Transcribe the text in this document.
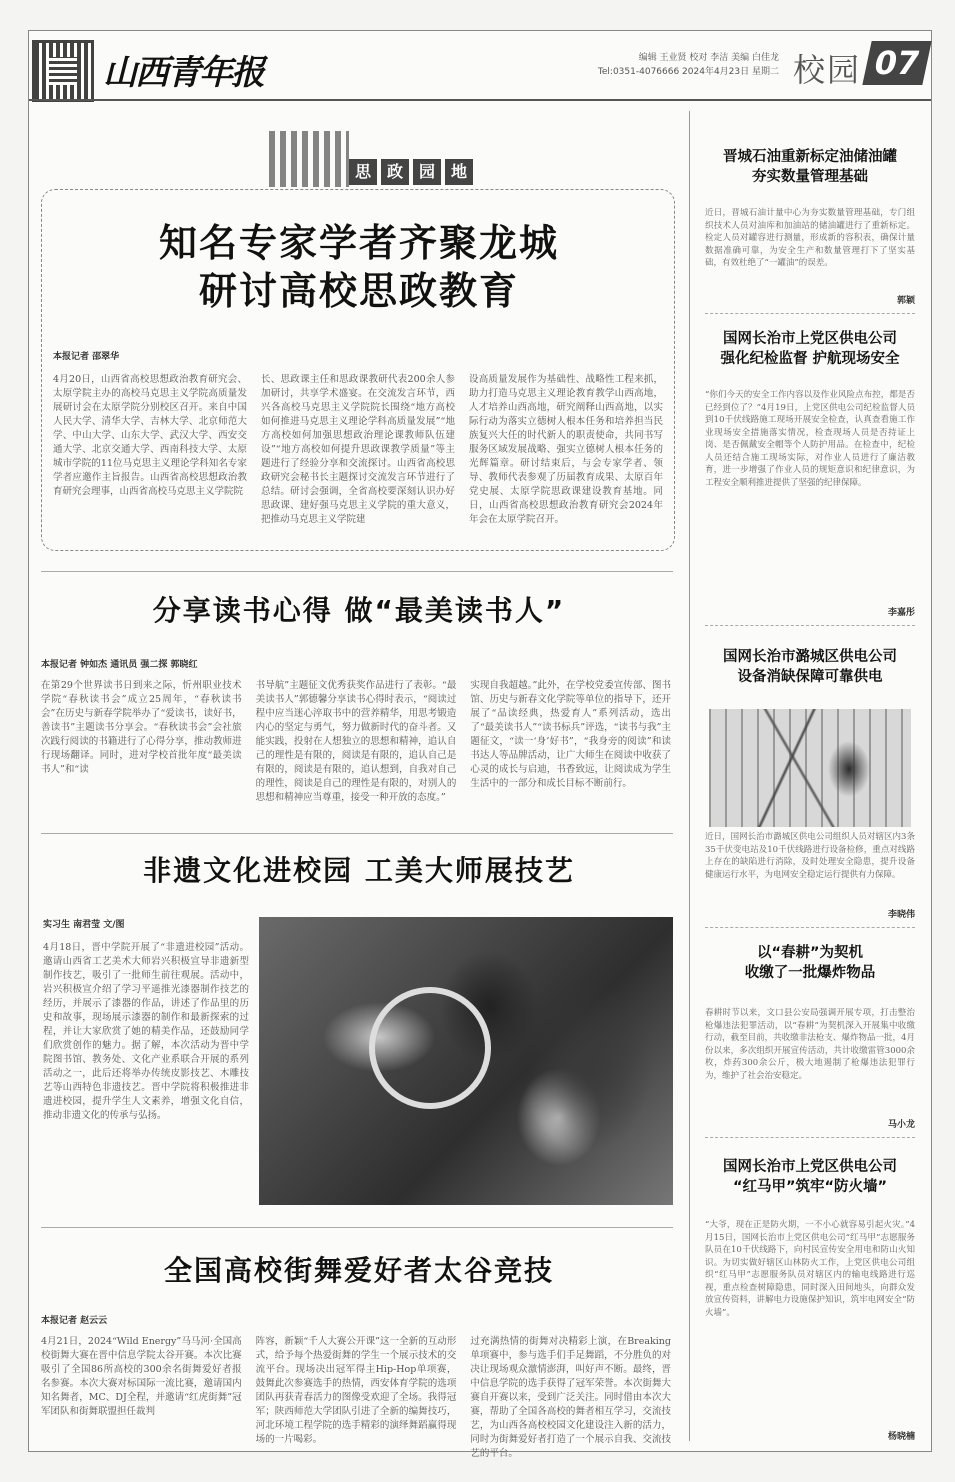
山西青年报	编辑 王业贤 校对 李洁 美编 白佳龙
Tel:0351-4076666 2024年4月23日 星期二 校园 07
思 政 园 地
知名专家学者齐聚龙城
研讨高校思政教育
本报记者 邵翠华

4月20日，山西省高校思想政治教育研究会、太原学院主办的高校马克思主义学院高质量发展研讨会在太原学院分别校区召开。来自中国人民大学、清华大学、吉林大学、北京师范大学、中山大学、山东大学、武汉大学、西安交通大学、北京交通大学、西南科技大学、太原城市学院的11位马克思主义理论学科知名专家学者应邀作主旨报告。山西省高校思想政治教育研究会理事，山西省高校马克思主义学院院

长、思政课主任和思政课教研代表200余人参加研讨，共享学术盛宴。在交流发言环节，西兴各高校马克思主义学院院长围绕“地方高校如何推进马克思主义理论学科高质量发展”“地方高校如何加强思想政治理论课教师队伍建设”“地方高校如何提升思政课教学质量”等主题进行了经验分享和交流探讨。山西省高校思政研究会秘书长主题探讨交流发言环节进行了总结。研讨会强调，全省高校要深刻认识办好思政课、建好强马克思主义学院的重大意义，把推动马克思主义学院建

设高质量发展作为基础性、战略性工程来抓，助力打造马克思主义理论教育教学山西高地，人才培养山西高地，研究阐释山西高地，以实际行动为落实立德树人根本任务和培养担当民族复兴大任的时代新人的职责使命，共同书写服务区域发展战略、强实立德树人根本任务的光辉篇章。研讨结束后，与会专家学者、领导、教师代表参观了历届教育成果、太原百年党史展、太原学院思政课建设教育基地。同日，山西省高校思想政治教育研究会2024年年会在太原学院召开。

分享读书心得 做“最美读书人”
本报记者 钟如杰 通讯员 强二探 郭晓红

在第29个世界读书日到来之际，忻州职业技术学院“春秋读书会”成立25周年，“春秋读书会”在历史与新春学院举办了“爱读书，读好书，善读书”主题读书分享会。“春秋读书会”会社旅次践行阅读的书籍进行了心得分享，推动教师进行现场翻译。同时，进对学校首批年度“最美读书人”和“读

书导航”主题征文优秀获奖作品进行了表彰。“最美读书人”郭德馨分享读书心得时表示，“阅读过程中应当迷心淬取书中的营养精华，用思考锻造内心的坚定与勇气，努力做新时代的奋斗者。又能实践，投射在人想独立的思想和精神，追认自己的理性是有限的，阅读是有限的，追认自己是有限的，阅读是有限的，追认想到，自我对自己的理性，阅读是自己的理性是有限的，对别人的思想和精神应当尊重，接受一种开放的态度。”

实现自我超越。”此外，在学校党委宣传部、图书馆、历史与新春文化学院等单位的指导下，还开展了“品读经典，热爱育人”系列活动，选出了“最美读书人”“读书标兵”评选，“读书与我”主题征文，“读一‘身’好书”，“我身旁的阅读”和读书达人等品牌活动，让广大师生在阅读中收获了心灵的成长与启迪，书香致远，让阅读成为学生生活中的一部分和成长目标不断前行。

非遗文化进校园 工美大师展技艺
实习生 南君莹 文/图

4月18日，晋中学院开展了“非遗进校园”活动。邀请山西省工艺美术大师岩兴积极宣导非遗新型制作技艺，吸引了一批师生前往观展。活动中，岩兴积极宣介绍了学习平遥推光漆器制作技艺的经历，并展示了漆器的作品，讲述了作品里的历史和故事，现场展示漆器的制作和最新探索的过程，并让大家欣赏了她的精美作品，还鼓励同学们欣赏创作的魅力。据了解，本次活动为晋中学院图书馆、教务处、文化产业系联合开展的系列活动之一，此后还将举办传统皮影技艺、木雕技艺等山西特色非遗技艺。晋中学院将积极推进非遗进校园，提升学生人文素养，增强文化自信，推动非遗文化的传承与弘扬。

全国高校街舞爱好者太谷竞技
本报记者 赵云云

4月21日，2024“Wild Energy”马马河·全国高校街舞大赛在晋中信息学院太谷开赛。本次比赛吸引了全国86所高校的300余名街舞爱好者报名参赛。本次大赛对标国际一流比赛，邀请国内知名舞者，MC、DJ全程，并邀请“红虎街舞”冠军团队和街舞联盟担任裁判

阵容，新颖“千人大赛公开课”这一全新的互动形式，给予每个热爱街舞的学生一个展示技术的交流平台。现场决出冠军得主Hip-Hop单项赛，鼓舞此次参赛选手的热情，西安体育学院的选项团队再获青春活力的图像受欢迎了全场。我得冠军；陕西师范大学团队引进了全新的编舞技巧，河北环境工程学院的选手精彩的演绎舞蹈赢得现场的一片喝彩。

过充满热情的街舞对决精彩上演，在Breaking单项赛中，参与选手们手足舞蹈，不分胜负的对决让现场观众激情澎湃，叫好声不断。最终，晋中信息学院的选手获得了冠军荣誉。本次街舞大赛自开赛以来，受到广泛关注。同时借由本次大赛，帮助了全国各高校的舞者相互学习，交流技艺，为山西各高校校园文化建设注入新的活力，同时为街舞爱好者打造了一个展示自我、交流技艺的平台。

晋城石油重新标定油储油罐
夯实数量管理基础

近日，晋城石油计量中心为夯实数量管理基础，专门组织技术人员对油库和加油站的储油罐进行了重新标定。检定人员对罐容进行测量，形成新的容积表，确保计量数据准确可靠，为安全生产和数量管理打下了坚实基础，有效杜绝了“一罐油”的误差。

郭颖
国网长治市上党区供电公司
强化纪检监督 护航现场安全

“你们今天的安全工作内容以及作业风险点布控，都是否已经到位了？”4月19日，上党区供电公司纪检监督人员到10千伏线路施工现场开展安全检查，认真查看施工作业现场安全措施落实情况，检查现场人员是否持证上岗、是否佩戴安全帽等个人防护用品。在检查中，纪检人员还结合施工现场实际，对作业人员进行了廉洁教育，进一步增强了作业人员的规矩意识和纪律意识，为工程安全顺利推进提供了坚强的纪律保障。

李嘉彤
国网长治市潞城区供电公司
设备消缺保障可靠供电

近日，国网长治市潞城区供电公司组织人员对辖区内3条35千伏变电站及10千伏线路进行设备检修，重点对线路上存在的缺陷进行消除，及时处理安全隐患，提升设备健康运行水平，为电网安全稳定运行提供有力保障。

李晓伟
以“春耕”为契机
收缴了一批爆炸物品

春耕时节以来，文口县公安局强调开展专项，打击整治枪爆违法犯罪活动，以“春耕”为契机深入开展集中收缴行动，截至目前，共收缴非法枪支、爆炸物品一批，4月份以来，多次组织开展宣传活动，共计收缴雷管3000余枚，炸药300余公斤，极大地遏制了枪爆违法犯罪行为，维护了社会治安稳定。

马小龙
国网长治市上党区供电公司
“红马甲”筑牢“防火墙”

“大爷，现在正是防火期，一不小心就容易引起火灾。”4月15日，国网长治市上党区供电公司“红马甲”志愿服务队员在10千伏线路下，向村民宣传安全用电和防山火知识。为切实做好辖区山林防火工作，上党区供电公司组织“红马甲”志愿服务队员对辖区内的输电线路进行巡视，重点检查树障隐患，同时深入田间地头，向群众发放宣传资料，讲解电力设施保护知识，筑牢电网安全“防火墙”。

杨晓楠
